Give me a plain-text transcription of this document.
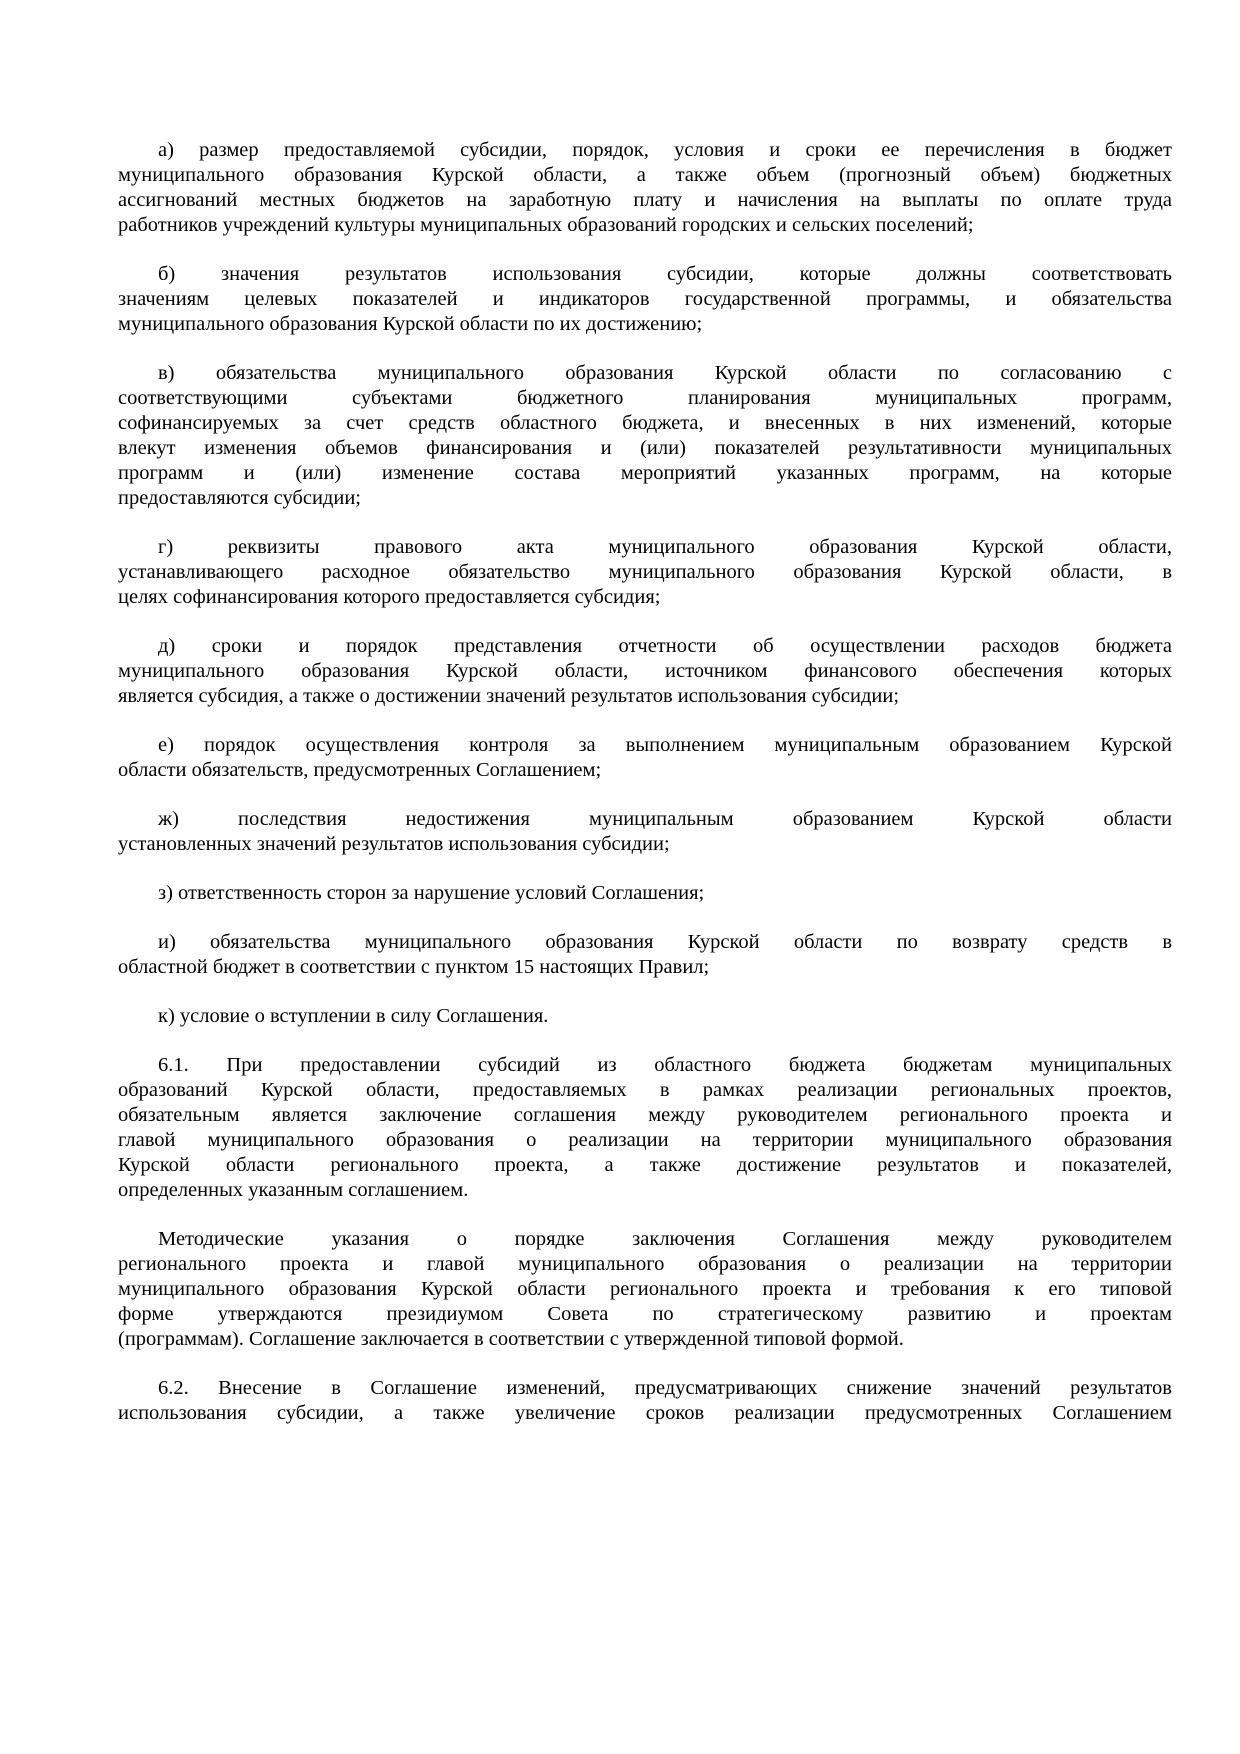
а) размер предоставляемой субсидии, порядок, условия и сроки ее перечисления в бюджет
муниципального образования Курской области, а также объем (прогнозный объем) бюджетных
ассигнований местных бюджетов на заработную плату и начисления на выплаты по оплате труда
работников учреждений культуры муниципальных образований городских и сельских поселений;
б) значения результатов использования субсидии, которые должны соответствовать
значениям целевых показателей и индикаторов государственной программы, и обязательства
муниципального образования Курской области по их достижению;
в) обязательства муниципального образования Курской области по согласованию с
соответствующими субъектами бюджетного планирования муниципальных программ,
софинансируемых за счет средств областного бюджета, и внесенных в них изменений, которые
влекут изменения объемов финансирования и (или) показателей результативности муниципальных
программ и (или) изменение состава мероприятий указанных программ, на которые
предоставляются субсидии;
г) реквизиты правового акта муниципального образования Курской области,
устанавливающего расходное обязательство муниципального образования Курской области, в
целях софинансирования которого предоставляется субсидия;
д) сроки и порядок представления отчетности об осуществлении расходов бюджета
муниципального образования Курской области, источником финансового обеспечения которых
является субсидия, а также о достижении значений результатов использования субсидии;
е) порядок осуществления контроля за выполнением муниципальным образованием Курской
области обязательств, предусмотренных Соглашением;
ж) последствия недостижения муниципальным образованием Курской области
установленных значений результатов использования субсидии;
з) ответственность сторон за нарушение условий Соглашения;
и) обязательства муниципального образования Курской области по возврату средств в
областной бюджет в соответствии с пунктом 15 настоящих Правил;
к) условие о вступлении в силу Соглашения.
6.1. При предоставлении субсидий из областного бюджета бюджетам муниципальных
образований Курской области, предоставляемых в рамках реализации региональных проектов,
обязательным является заключение соглашения между руководителем регионального проекта и
главой муниципального образования о реализации на территории муниципального образования
Курской области регионального проекта, а также достижение результатов и показателей,
определенных указанным соглашением.
Методические указания о порядке заключения Соглашения между руководителем
регионального проекта и главой муниципального образования о реализации на территории
муниципального образования Курской области регионального проекта и требования к его типовой
форме утверждаются президиумом Совета по стратегическому развитию и проектам
(программам). Соглашение заключается в соответствии с утвержденной типовой формой.
6.2. Внесение в Соглашение изменений, предусматривающих снижение значений результатов
использования субсидии, а также увеличение сроков реализации предусмотренных Соглашением
